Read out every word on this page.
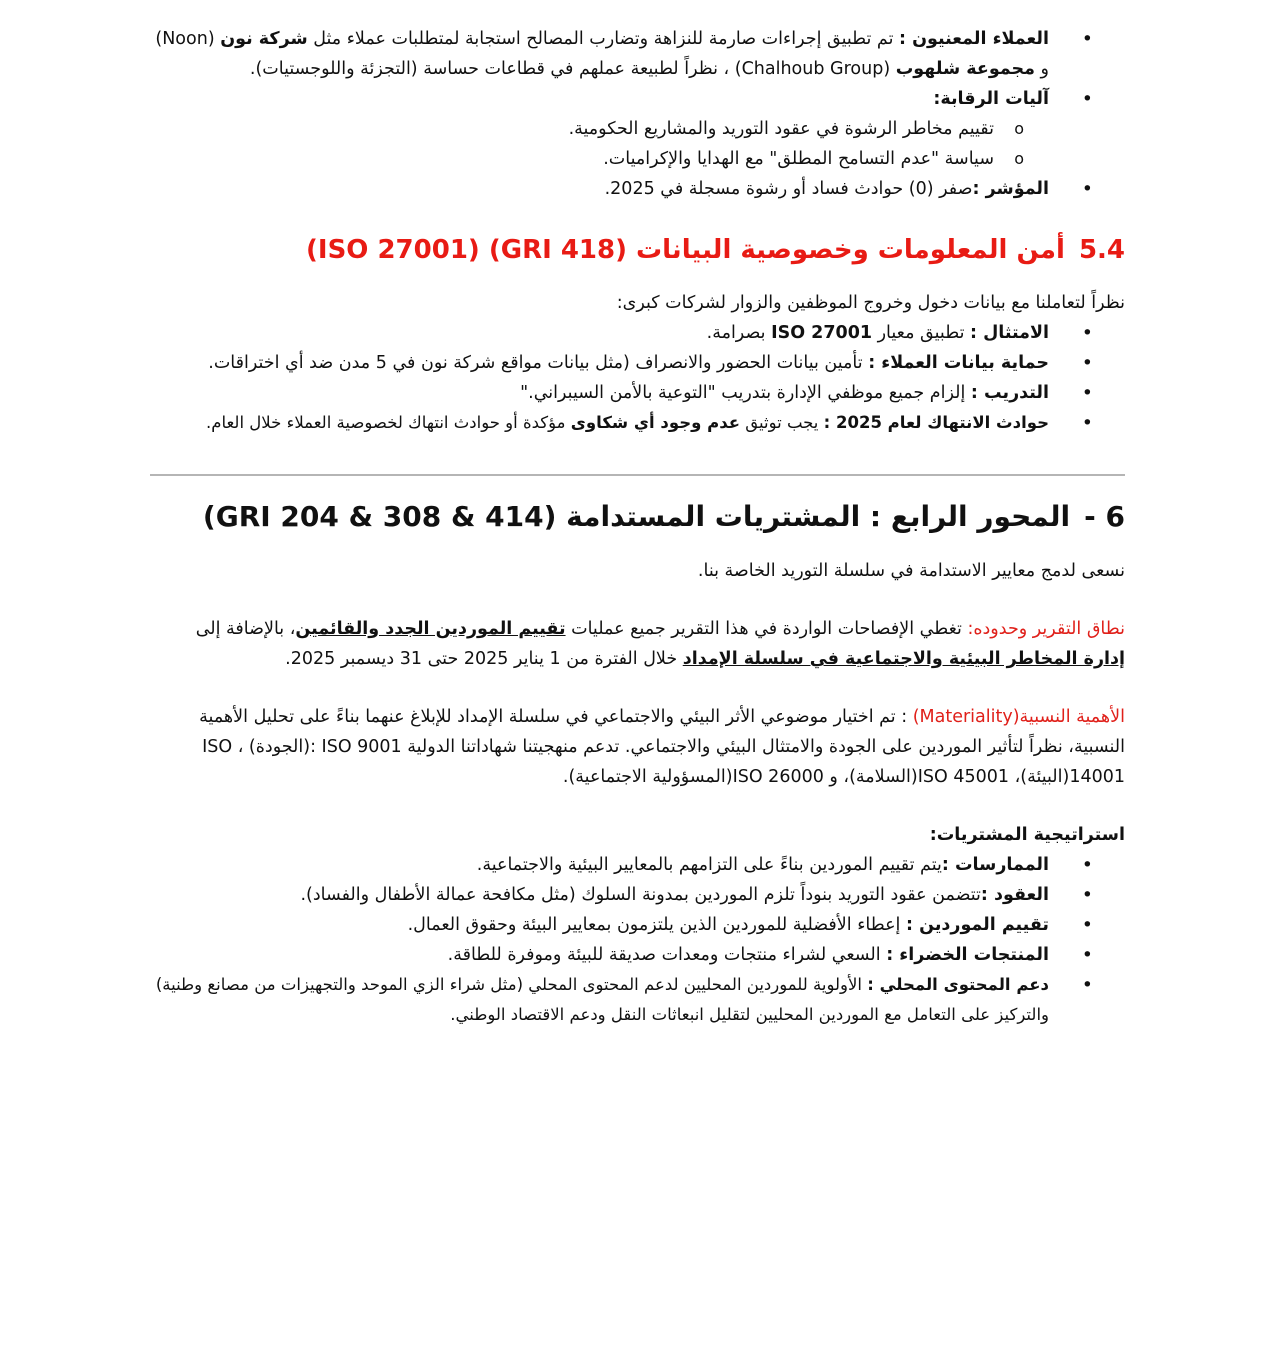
• العملاء المعنيون : تم تطبيق إجراءات صارمة للنزاهة وتضارب المصالح استجابة لمتطلبات عملاء مثل شركة نون (Noon) و مجموعة شلهوب (Chalhoub Group) ، نظراً لطبيعة عملهم في قطاعات حساسة (التجزئة واللوجستيات).
• آليات الرقابة:
o تقييم مخاطر الرشوة في عقود التوريد والمشاريع الحكومية.
o سياسة "عدم التسامح المطلق" مع الهدايا والإكراميات.
• المؤشر :صفر (0) حوادث فساد أو رشوة مسجلة في 2025.
5.4أمن المعلومات وخصوصية البيانات (GRI 418) (ISO 27001)

نظراً لتعاملنا مع بيانات دخول وخروج الموظفين والزوار لشركات كبرى:

• الامتثال : تطبيق معيار ISO 27001 بصرامة.
• حماية بيانات العملاء : تأمين بيانات الحضور والانصراف (مثل بيانات مواقع شركة نون في 5 مدن ضد أي اختراقات.
• التدريب : إلزام جميع موظفي الإدارة بتدريب "التوعية بالأمن السيبراني."
• حوادث الانتهاك لعام 2025 : يجب توثيق عدم وجود أي شكاوى مؤكدة أو حوادث انتهاك لخصوصية العملاء خلال العام.
6 -المحور الرابع : المشتريات المستدامة (GRI 204 & 308 & 414)

نسعى لدمج معايير الاستدامة في سلسلة التوريد الخاصة بنا.

نطاق التقرير وحدوده: تغطي الإفصاحات الواردة في هذا التقرير جميع عمليات تقييم الموردين الجدد والقائمين، بالإضافة إلى إدارة المخاطر البيئية والاجتماعية في سلسلة الإمداد خلال الفترة من 1 يناير 2025 حتى 31 ديسمبر 2025.

الأهمية النسبية(Materiality) : تم اختيار موضوعي الأثر البيئي والاجتماعي في سلسلة الإمداد للإبلاغ عنهما بناءً على تحليل الأهمية النسبية، نظراً لتأثير الموردين على الجودة والامتثال البيئي والاجتماعي. تدعم منهجيتنا شهاداتنا الدولية ISO 9001 :(الجودة) ، ISO 14001(البيئة)، ISO 45001(السلامة)، و ISO 26000(المسؤولية الاجتماعية).

استراتيجية المشتريات:

• الممارسات :يتم تقييم الموردين بناءً على التزامهم بالمعايير البيئية والاجتماعية.
• العقود :تتضمن عقود التوريد بنوداً تلزم الموردين بمدونة السلوك (مثل مكافحة عمالة الأطفال والفساد).
• تقييم الموردين : إعطاء الأفضلية للموردين الذين يلتزمون بمعايير البيئة وحقوق العمال.
• المنتجات الخضراء : السعي لشراء منتجات ومعدات صديقة للبيئة وموفرة للطاقة.
• دعم المحتوى المحلي : الأولوية للموردين المحليين لدعم المحتوى المحلي (مثل شراء الزي الموحد والتجهيزات من مصانع وطنية) والتركيز على التعامل مع الموردين المحليين لتقليل انبعاثات النقل ودعم الاقتصاد الوطني.
